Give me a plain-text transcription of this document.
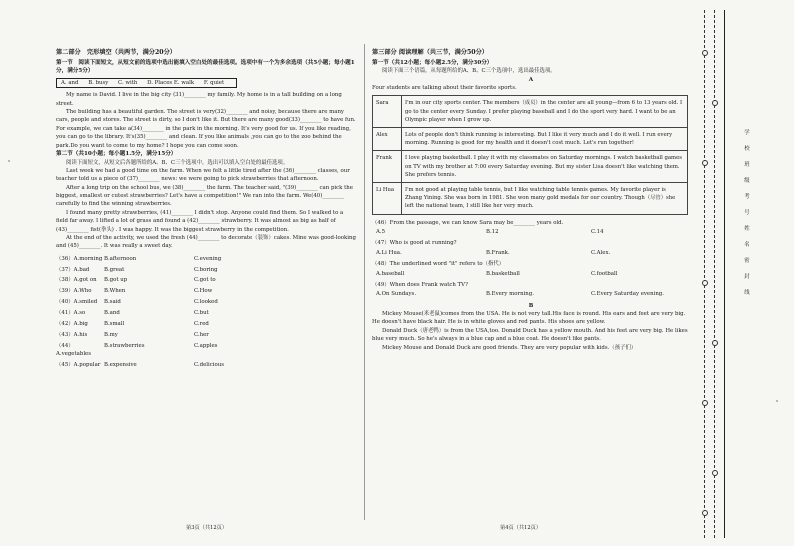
第二部分　完形填空（共两节，满分20分）

第一节　阅读下面短文，从短文前的选项中选出能填入空白处的最佳选项。选项中有一个为多余选项（共5小题；每小题1分，满分5分）

A. and B. busy C. with D. Places E. walk F. quiet

My name is David. I live in the big city (31)________ my family. My home is in a tall building on a long street.

The building has a beautiful garden. The street is very(32)________ and noisy, because there are many cars, people and stores. The street is dirty, so I don't like it. But there are many good(33)________ to have fun. For example, we can take a(34)________ in the park in the morning. It's very good for us. If you like reading, you can go to the library. It's(35)________ and clean. If you like animals ,you can go to the zoo behind the park.Do you want to come to my home? I hope you can come soon.

第二节（共10小题；每小题1.5分，满分15分）

阅读下面短文，从短文后各题所给的A、B、C三个选项中，选出可以填入空白处的最佳选项。

Last week we had a good time on the farm. When we felt a little tired after the (36)________ classes, our teacher told us a piece of (37)________ news: we were going to pick strawberries that afternoon.

After a long trip on the school bus, we (38)________ the farm. The teacher said, "(39)________ can pick the biggest, smallest or cutest strawberries? Let's have a competition!" We ran into the farm. We(40)________ carefully to find the winning strawberries.

I found many pretty strawberries, (41)________ I didn't stop. Anyone could find them. So I walked to a field far away. I lifted a lot of grass and found a (42)________ strawberry. It was almost as big as half of (43)________ fist(拳头) . I was happy. It was the biggest strawberry in the competition.

At the end of the activity, we used the fresh (44)________ to decorate（装饰）cakes. Mine was good-looking and (45)________. It was really a sweet day.

（36）A.morning B.afternoon	C.evening
（37）A.bad	B.great	C.boring
（38）A.got on	B.got up	C.got to
（39）A.Who	B.When	C.How
（40）A.smiled	B.said	C.looked
（41）A.so	B.and	C.but
（42）A.big	B.small	C.red
（43）A.his	B.my	C.her
（44）A.vegetables
B.strawberries	C.apples
（45）A.popular B.expensive	C.delicious
第3页（共12页）

第三部分 阅读理解（共三节，满分50分）

第一节（共12小题；每小题2.5分，满分30分）

阅读下面三个语篇，从每题所给的A、B、C三个选项中，选出最佳选项。

A

Four students are talking about their favorite sports.

Sara	I'm in our city sports center. The members（成员）in the center are all young—from 6 to 13 years old. I go to the center every Sunday. I prefer playing baseball and I do the sport very hard. I want to be an Olympic player when I grow up.
Alex	Lots of people don't think running is interesting. But I like it very much and I do it well. I run every morning. Running is good for my health and it doesn't cost much. Let's run together!
Frank	I love playing basketball. I play it with my classmates on Saturday mornings. I watch basketball games on TV with my brother at 7:00 every Saturday evening. But my sister Lisa doesn't like watching them. She prefers tennis.
Li Hua	I'm not good at playing table tennis, but I like watching table tennis games. My favorite player is Zhang Yining. She was born in 1981. She won many gold medals for our country. Though（尽管）she left the national team, I still like her very much.

（46）From the passage, we can know Sara may be________ years old.

A.5	B.12	C.14

（47）Who is good at running?

A.Li Hua.	B.Frank.	C.Alex.

（48）The underlined word "it" refers to（指代）

A.baseball	B.basketball	C.football

（49）When does Frank watch TV?

A.On Sundays.	B.Every morning.	C.Every Saturday evening.

B

Mickey Mouse(米老鼠)comes from the USA. He is not very tall.His face is round. His ears and feet are very big. He doesn't have black hair. He is in white gloves and red pants. His shoes are yellow.

Donald Duck（唐老鸭）is from the USA,too. Donald Duck has a yellow mouth. And his feet are very big. He likes blue very much. So he's always in a blue cap and a blue coat. He doesn't like pants.

Mickey Mouse and Donald Duck are good friends. They are very popular with kids.（孩子们）

第4页（共12页）
学
校
班
级
考
号
姓
名
密
封
线
